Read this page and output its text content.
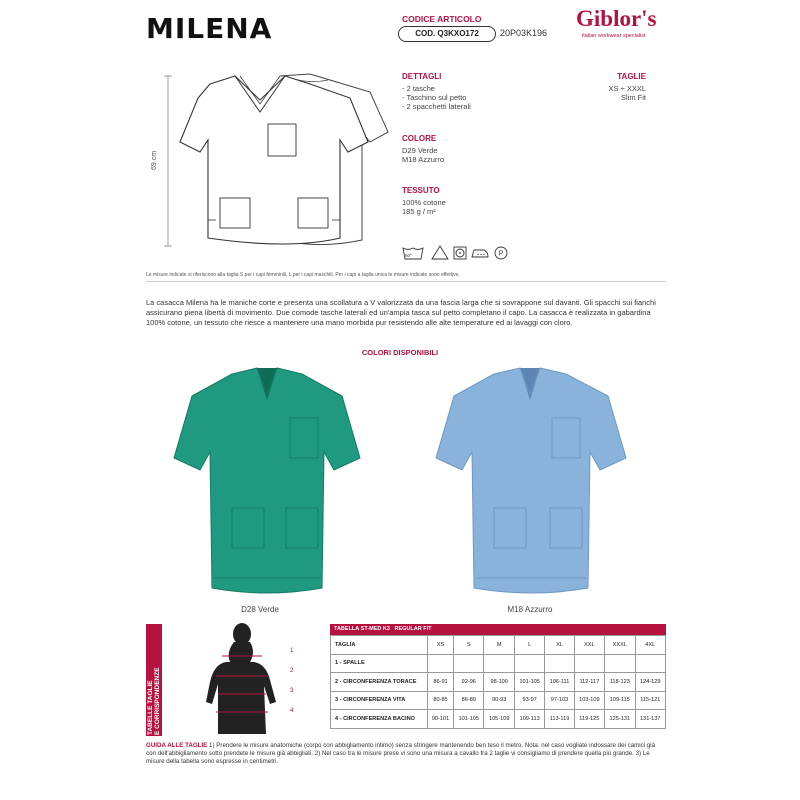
MILENA	CODICE ARTICOLO
COD. Q3KXO172	20P03K196
Giblor's
italian workwear specialist
69 cm
DETTAGLI
- 2 tasche
- Taschino sul petto
- 2 spacchetti laterali
TAGLIE
XS ÷ XXXL
Slim Fit
COLORE
D29 Verde
M18 Azzurro
TESSUTO
100% cotone
185 g / m²
P
60°
Le misure indicate si riferiscono alla taglia S per i capi femminili, L per i capi maschili. Per i capi a taglia unica le misure indicate sono effettive.
La casacca Milena ha le maniche corte e presenta una scollatura a V valorizzata da una fascia larga che si sovrappone sul davanti. Gli spacchi sui fianchi assicurano piena libertà di movimento. Due comode tasche laterali ed un'ampia tasca sul petto completano il capo. La casacca è realizzata in gabardina 100% cotone, un tessuto che riesce a mantenere una mano morbida pur resistendo alle alte temperature ed ai lavaggi con cloro.
COLORI DISPONIBILI
D28 Verde	M18 Azzurro
TABELLE TAGLIE E CORRISPONDENZE
1
2
3
4
TABELLA ST-MED K3 REGULAR FIT
TAGLIA	XS	S	M	L	XL	XXL	XXXL	4XL
1 - SPALLE								
2 - CIRCONFERENZA TORACE	86-91	92-96	98-100	101-105	106-111	112-117	118-123	124-129
3 - CIRCONFERENZA VITA	80-85	86-89	90-93	93-97	97-103	103-109	109-115	115-121
4 - CIRCONFERENZA BACINO	90-101	101-105	105-109	109-113	113-119	119-125	125-131	131-137
GUIDA ALLE TAGLIE 1) Prendere le misure anatomiche (corpo con abbigliamento intimo) senza stringere mantenendo ben teso il metro. Nota: nel caso vogliate indossare dei camici già con dell'abbigliamento sotto prendete le misure già abbigliati. 2) Nel caso tra le misure prese vi sono una misura a cavallo fra 2 taglie vi consigliamo di prendere quella più grande. 3) Le misure della tabella sono espresse in centimetri.
